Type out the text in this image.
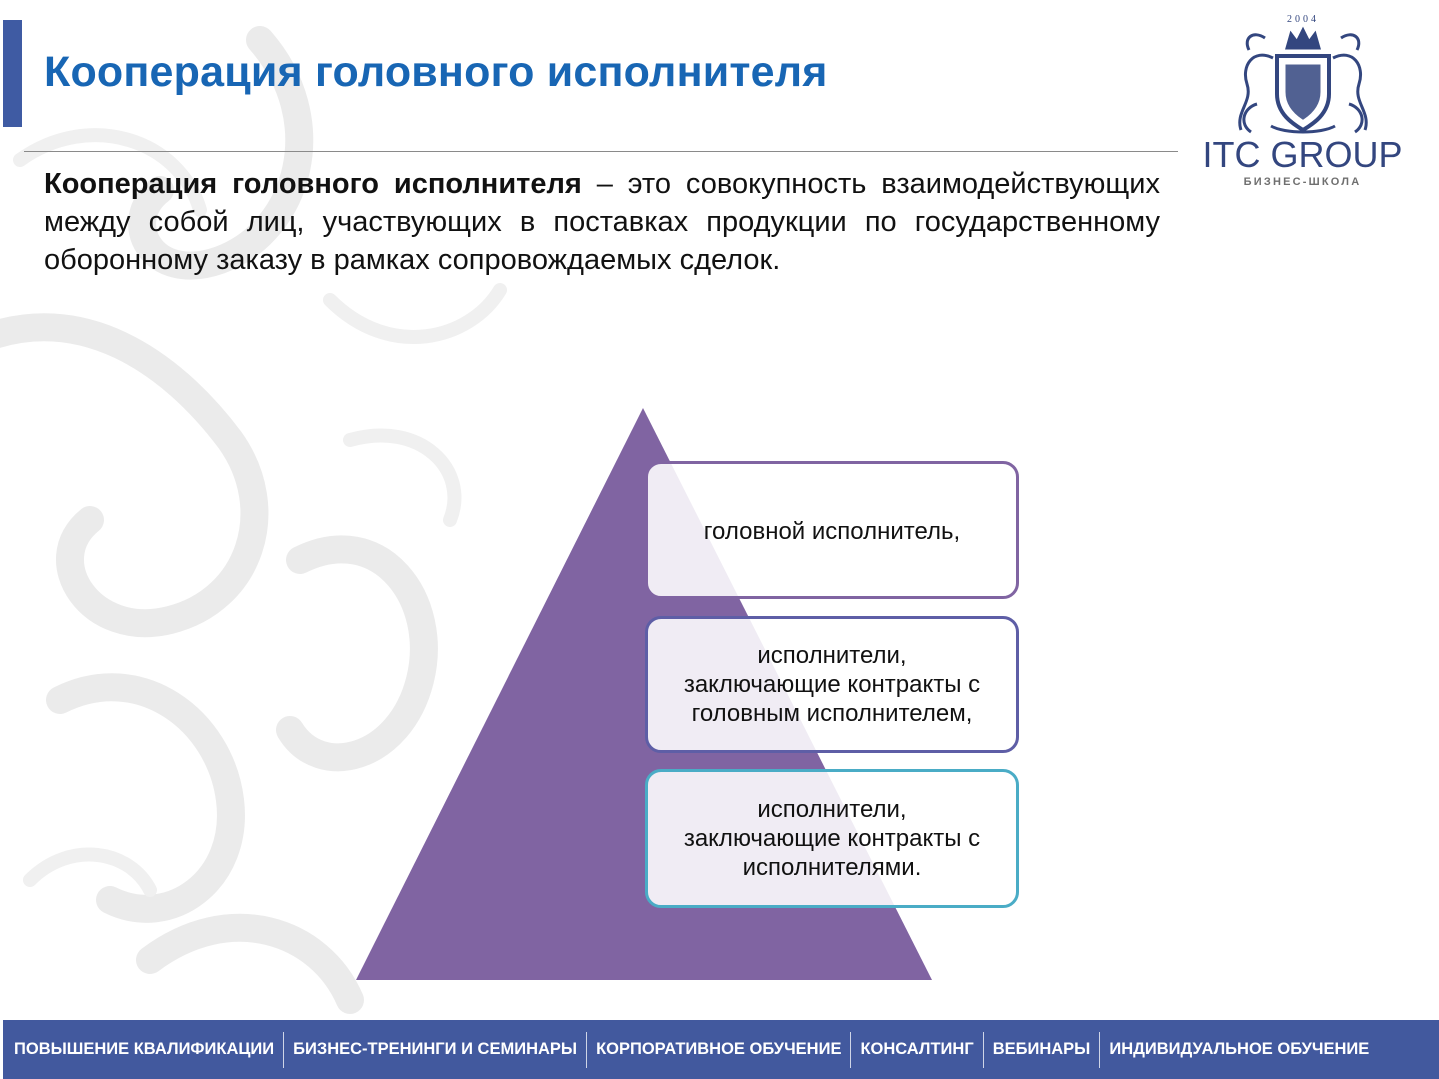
Кооперация головного исполнителя
2004
ITC GROUP
БИЗНЕС-ШКОЛА
Кооперация головного исполнителя – это совокупность взаимодействующих между собой лиц, участвующих в поставках продукции по государственному оборонному заказу в рамках сопровождаемых сделок.
головной исполнитель,
исполнители,
заключающие контракты с
головным исполнителем,
исполнители,
заключающие контракты с
исполнителями.
ПОВЫШЕНИЕ КВАЛИФИКАЦИИ	БИЗНЕС-ТРЕНИНГИ И СЕМИНАРЫ	КОРПОРАТИВНОЕ ОБУЧЕНИЕ	КОНСАЛТИНГ	ВЕБИНАРЫ	ИНДИВИДУАЛЬНОЕ ОБУЧЕНИЕ
